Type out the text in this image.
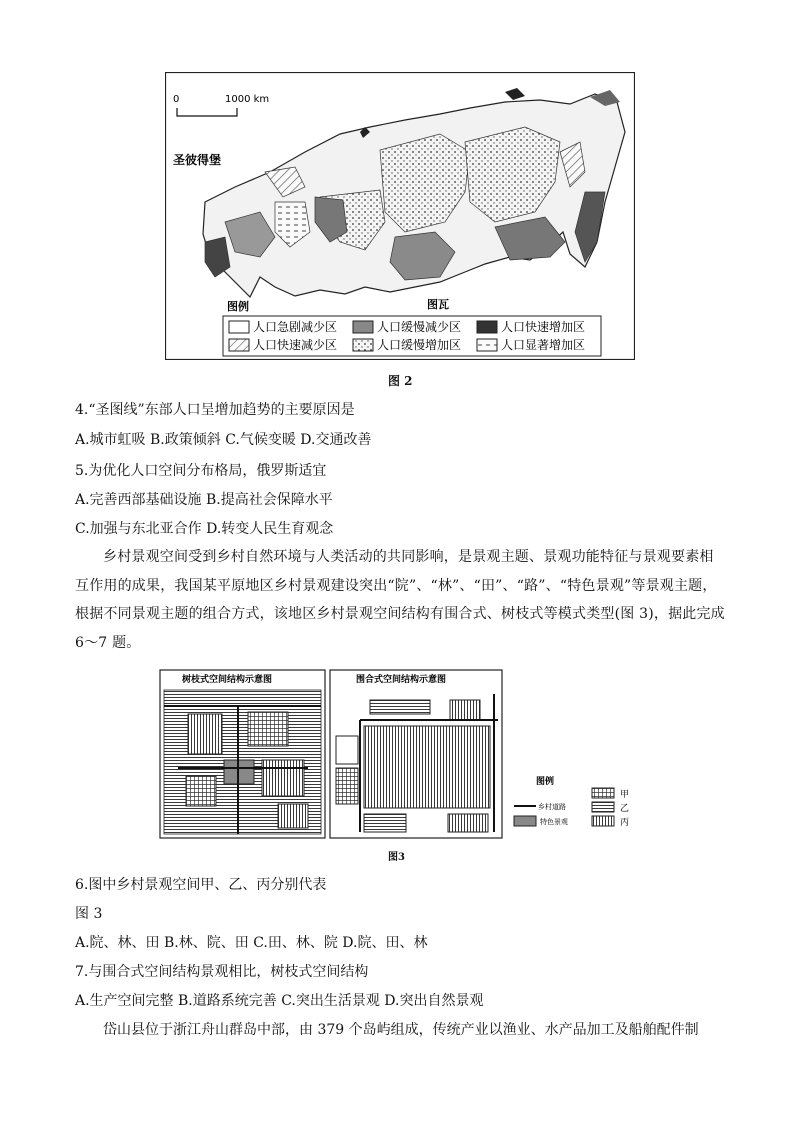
0	1000 km
圣彼得堡
图例	图瓦
人口急剧减少区	人口缓慢减少区	人口快速增加区
人口快速减少区	人口缓慢增加区	人口显著增加区
图 2
4.“圣图线”东部人口呈增加趋势的主要原因是
A.城市虹吸 B.政策倾斜 C.气候变暖 D.交通改善
5.为优化人口空间分布格局，俄罗斯适宜
A.完善西部基础设施 B.提高社会保障水平
C.加强与东北亚合作 D.转变人民生育观念
乡村景观空间受到乡村自然环境与人类活动的共同影响，是景观主题、景观功能特征与景观要素相互作用的成果，我国某平原地区乡村景观建设突出“院”、“林”、“田”、“路”、“特色景观”等景观主题，根据不同景观主题的组合方式，该地区乡村景观空间结构有围合式、树枝式等模式类型(图 3)，据此完成 6～7 题。
树枝式空间结构示意图	围合式空间结构示意图
图例
甲
乡村道路	乙
特色景观	丙
图3
6.图中乡村景观空间甲、乙、丙分别代表
图 3
A.院、林、田 B.林、院、田 C.田、林、院 D.院、田、林
7.与围合式空间结构景观相比，树枝式空间结构
A.生产空间完整 B.道路系统完善 C.突出生活景观 D.突出自然景观
岱山县位于浙江舟山群岛中部，由 379 个岛屿组成，传统产业以渔业、水产品加工及船舶配件制
